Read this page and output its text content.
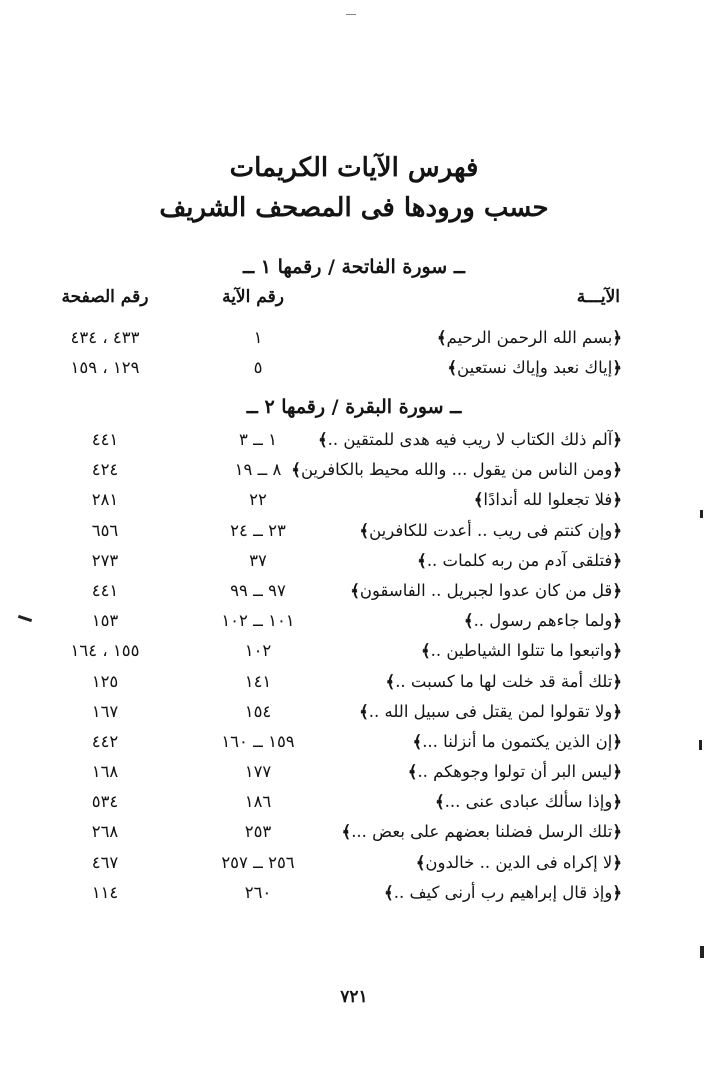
فهرس الآيات الكريمات
حسب ورودها فى المصحف الشريف
ــ سورة الفاتحة / رقمها ١ ــ
الآيـــة
رقم الآية
رقم الصفحة
﴿بسم الله الرحمن الرحيم﴾
١
٤٣٣ ، ٤٣٤
﴿إياك نعبد وإياك نستعين﴾
٥
١٢٩ ، ١٥٩
ــ سورة البقرة / رقمها ٢ ــ
﴿آلم ذلك الكتاب لا ريب فيه هدى للمتقين ..﴾
١ ــ ٣
٤٤١
﴿ومن الناس من يقول ... والله محيط بالكافرين﴾
٨ ــ ١٩
٤٢٤
﴿فلا تجعلوا لله أندادًا﴾
٢٢
٢٨١
﴿وإن كنتم فى ريب .. أعدت للكافرين﴾
٢٣ ــ ٢٤
٦٥٦
﴿فتلقى آدم من ربه كلمات ..﴾
٣٧
٢٧٣
﴿قل من كان عدوا لجبريل .. الفاسقون﴾
٩٧ ــ ٩٩
٤٤١
﴿ولما جاءهم رسول ..﴾
١٠١ ــ ١٠٢
١٥٣
﴿واتبعوا ما تتلوا الشياطين ..﴾
١٠٢
١٥٥ ، ١٦٤
﴿تلك أمة قد خلت لها ما كسبت ..﴾
١٤١
١٢٥
﴿ولا تقولوا لمن يقتل فى سبيل الله ..﴾
١٥٤
١٦٧
﴿إن الذين يكتمون ما أنزلنا ...﴾
١٥٩ ــ ١٦٠
٤٤٢
﴿ليس البر أن تولوا وجوهكم ..﴾
١٧٧
١٦٨
﴿وإذا سألك عبادى عنى ...﴾
١٨٦
٥٣٤
﴿تلك الرسل فضلنا بعضهم على بعض ...﴾
٢٥٣
٢٦٨
﴿لا إكراه فى الدين .. خالدون﴾
٢٥٦ ــ ٢٥٧
٤٦٧
﴿وإذ قال إبراهيم رب أرنى كيف ..﴾
٢٦٠
١١٤
٧٢١
